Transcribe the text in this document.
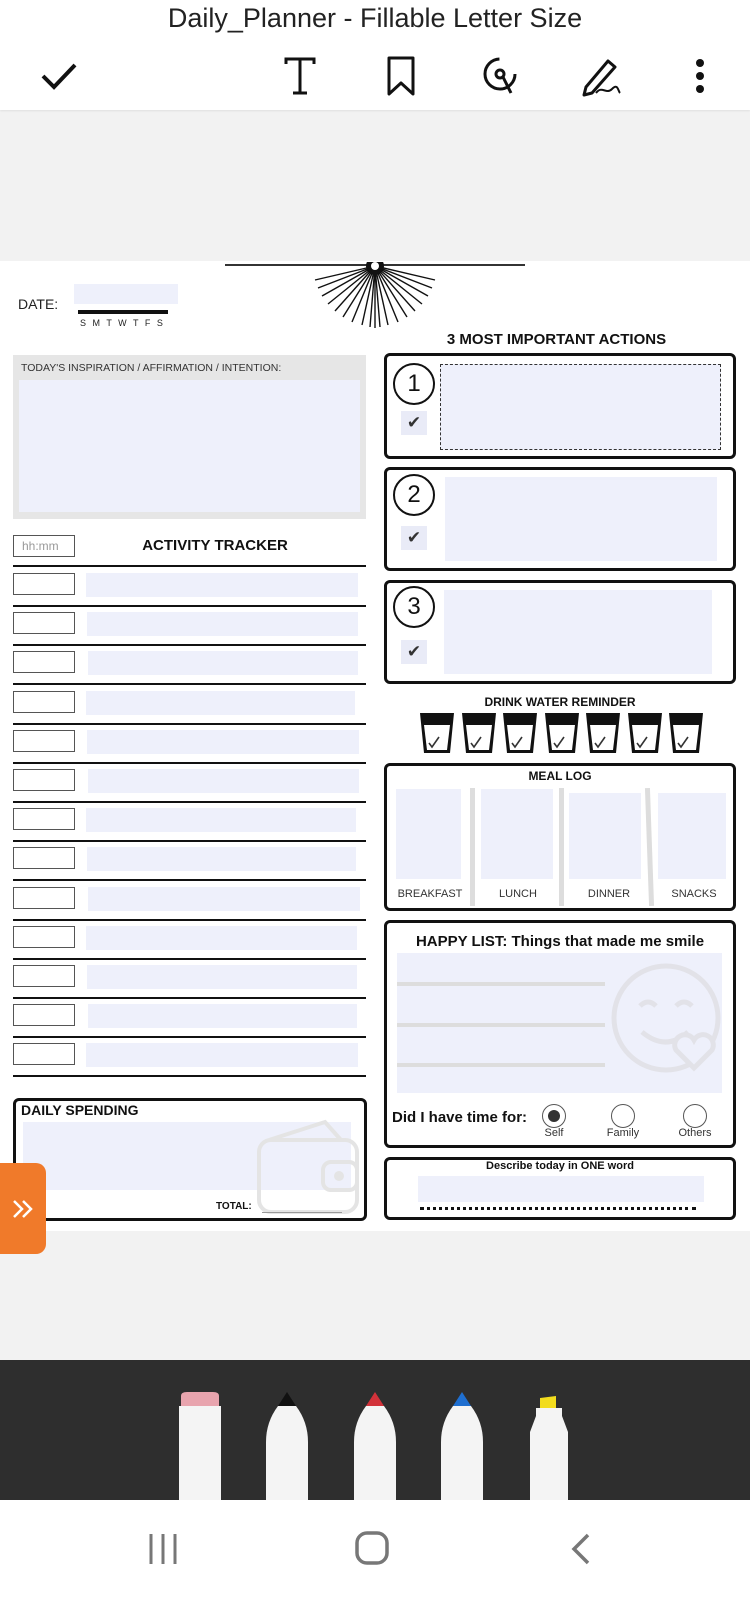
Daily_Planner - Fillable Letter Size
DATE:
S M T W T F S
TODAY'S INSPIRATION / AFFIRMATION / INTENTION:
hh:mm	ACTIVITY TRACKER
DAILY SPENDING
TOTAL:
3 MOST IMPORTANT ACTIONS
1
✔
2
✔
3
✔
DRINK WATER REMINDER
MEAL LOG
BREAKFAST	LUNCH	DINNER	SNACKS
HAPPY LIST: Things that made me smile
Did I have time for:
Self	Family	Others
Describe today in ONE word
